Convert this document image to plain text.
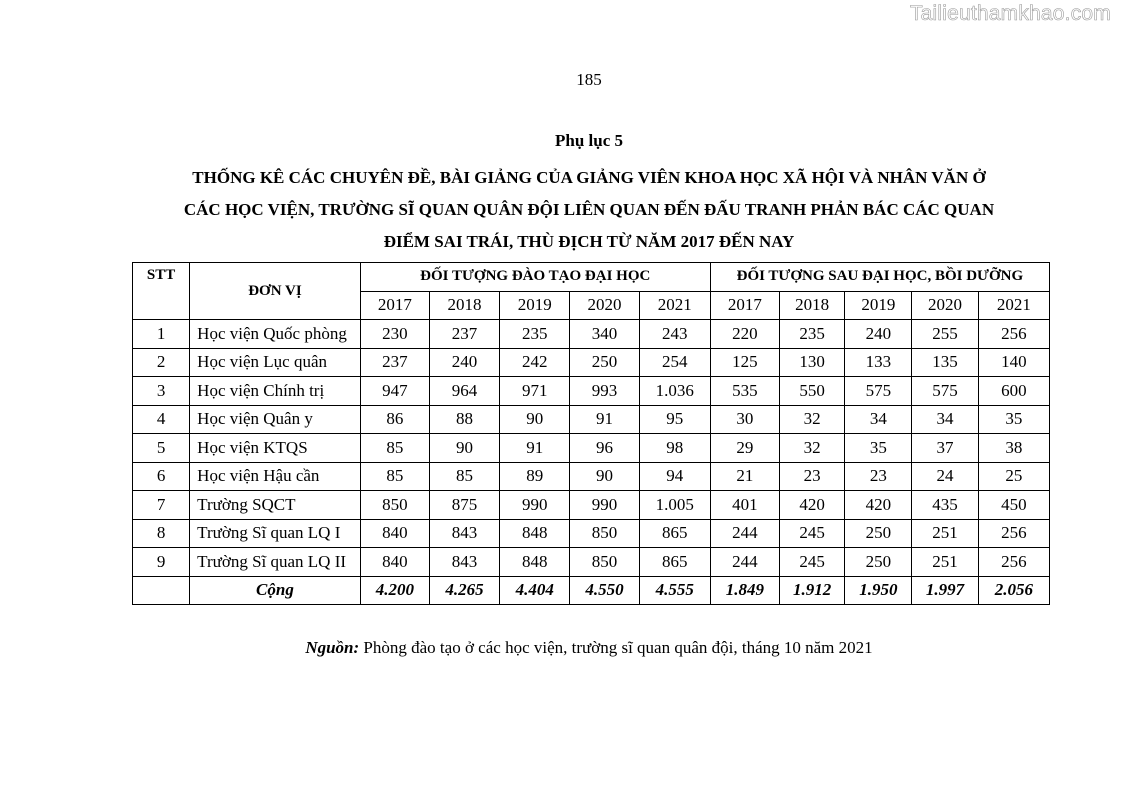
Tailieuthamkhao.com
185
Phụ lục 5
THỐNG KÊ CÁC CHUYÊN ĐỀ, BÀI GIẢNG CỦA GIẢNG VIÊN KHOA HỌC XÃ HỘI VÀ NHÂN VĂN Ở
CÁC HỌC VIỆN, TRƯỜNG SĨ QUAN QUÂN ĐỘI LIÊN QUAN ĐẾN ĐẤU TRANH PHẢN BÁC CÁC QUAN
ĐIỂM SAI TRÁI, THÙ ĐỊCH TỪ NĂM 2017 ĐẾN NAY
STT	ĐƠN VỊ	ĐỐI TƯỢNG ĐÀO TẠO ĐẠI HỌC					ĐỐI TƯỢNG SAU ĐẠI HỌC, BỒI DƯỠNG				
		2017	2018	2019	2020	2021	2017	2018	2019	2020	2021
1	Học viện Quốc phòng	230	237	235	340	243	220	235	240	255	256
2	Học viện Lục quân	237	240	242	250	254	125	130	133	135	140
3	Học viện Chính trị	947	964	971	993	1.036	535	550	575	575	600
4	Học viện Quân y	86	88	90	91	95	30	32	34	34	35
5	Học viện KTQS	85	90	91	96	98	29	32	35	37	38
6	Học viện Hậu cần	85	85	89	90	94	21	23	23	24	25
7	Trường SQCT	850	875	990	990	1.005	401	420	420	435	450
8	Trường Sĩ quan LQ I	840	843	848	850	865	244	245	250	251	256
9	Trường Sĩ quan LQ II	840	843	848	850	865	244	245	250	251	256
	Cộng	4.200	4.265	4.404	4.550	4.555	1.849	1.912	1.950	1.997	2.056
Nguồn: Phòng đào tạo ở các học viện, trường sĩ quan quân đội, tháng 10 năm 2021
